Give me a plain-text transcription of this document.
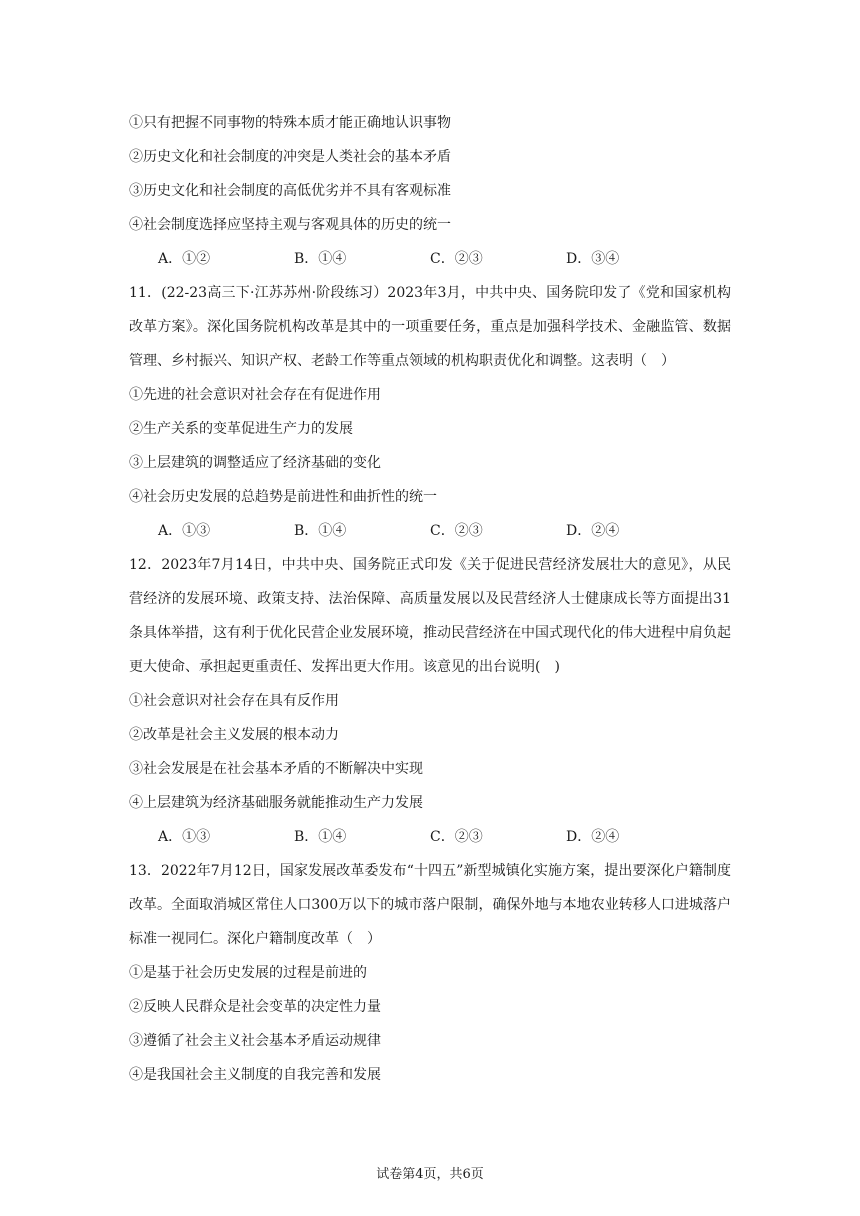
①只有把握不同事物的特殊本质才能正确地认识事物
②历史文化和社会制度的冲突是人类社会的基本矛盾
③历史文化和社会制度的高低优劣并不具有客观标准
④社会制度选择应坚持主观与客观具体的历史的统一
A．①②	B．①④	C．②③	D．③④
11．(22-23高三下·江苏苏州·阶段练习）2023年3月，中共中央、国务院印发了《党和国家机构改革方案》。深化国务院机构改革是其中的一项重要任务，重点是加强科学技术、金融监管、数据管理、乡村振兴、知识产权、老龄工作等重点领域的机构职责优化和调整。这表明（　）
①先进的社会意识对社会存在有促进作用
②生产关系的变革促进生产力的发展
③上层建筑的调整适应了经济基础的变化
④社会历史发展的总趋势是前进性和曲折性的统一
A．①③	B．①④	C．②③	D．②④
12．2023年7月14日，中共中央、国务院正式印发《关于促进民营经济发展壮大的意见》，从民营经济的发展环境、政策支持、法治保障、高质量发展以及民营经济人士健康成长等方面提出31条具体举措，这有利于优化民营企业发展环境，推动民营经济在中国式现代化的伟大进程中肩负起更大使命、承担起更重责任、发挥出更大作用。该意见的出台说明(　)
①社会意识对社会存在具有反作用
②改革是社会主义发展的根本动力
③社会发展是在社会基本矛盾的不断解决中实现
④上层建筑为经济基础服务就能推动生产力发展
A．①③	B．①④	C．②③	D．②④
13．2022年7月12日，国家发展改革委发布“十四五”新型城镇化实施方案，提出要深化户籍制度改革。全面取消城区常住人口300万以下的城市落户限制，确保外地与本地农业转移人口进城落户标准一视同仁。深化户籍制度改革（　）
①是基于社会历史发展的过程是前进的
②反映人民群众是社会变革的决定性力量
③遵循了社会主义社会基本矛盾运动规律
④是我国社会主义制度的自我完善和发展
试卷第4页，共6页
